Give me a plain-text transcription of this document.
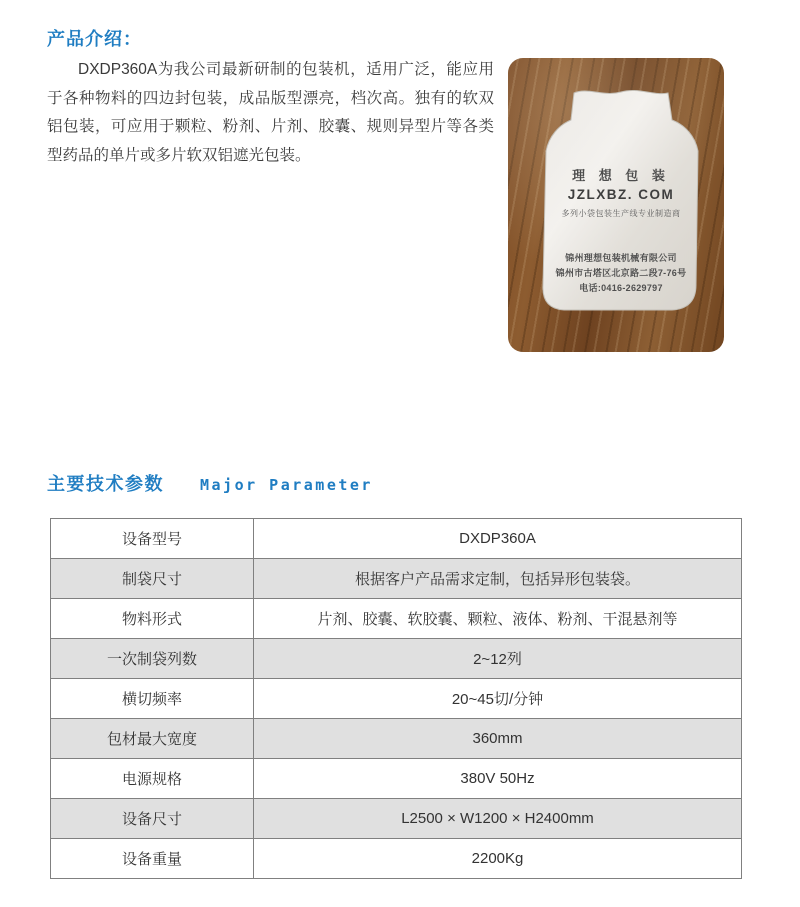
产品介绍：
DXDP360A为我公司最新研制的包装机，适用广泛，能应用于各种物料的四边封包装，成品版型漂亮，档次高。独有的软双铝包装，可应用于颗粒、粉剂、片剂、胶囊、规则异型片等各类型药品的单片或多片软双铝遮光包装。
理 想 包 装
JZLXBZ. COM
多列小袋包装生产线专业制造商
锦州理想包装机械有限公司
锦州市古塔区北京路二段7-76号
电话:0416-2629797
主要技术参数 Major Parameter
设备型号	DXDP360A
制袋尺寸	根据客户产品需求定制，包括异形包装袋。
物料形式	片剂、胶囊、软胶囊、颗粒、液体、粉剂、干混悬剂等
一次制袋列数	2~12列
横切频率	20~45切/分钟
包材最大宽度	360mm
电源规格	380V 50Hz
设备尺寸	L2500 × W1200 × H2400mm
设备重量	2200Kg
